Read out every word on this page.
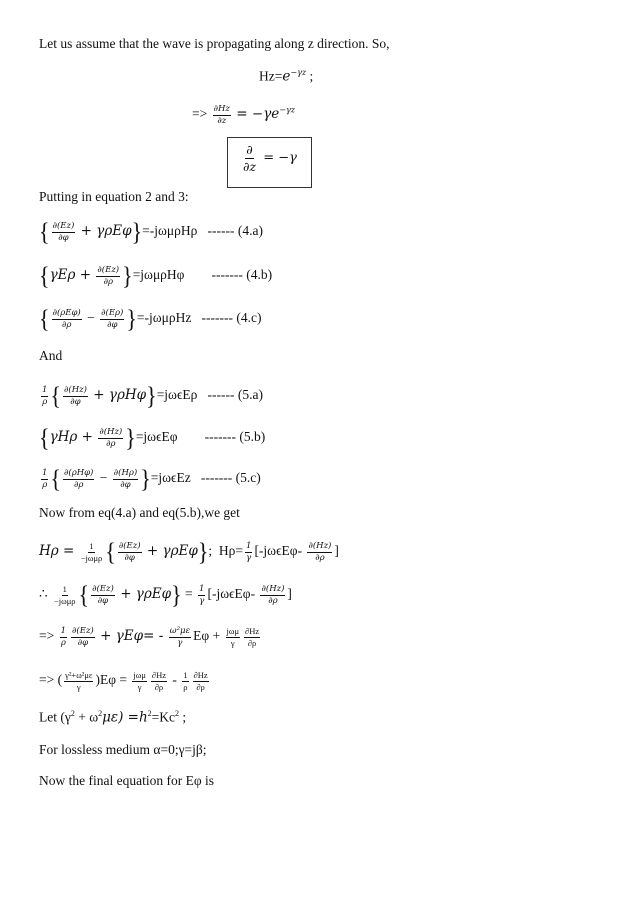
Let us assume that the wave is propagating along z direction. So,
$Hz=e^{-\gamma z}$ ;
=> $\frac{\partial Hz}{\partial z} = -\gamma e^{-\gamma z}$
$\frac{\partial}{\partial z} = -\gamma$
Putting in equation 2 and 3:
{ $\frac{\partial(Ez)}{\partial\varphi} + \gamma\rho E\varphi\}=-j\omega\mu\rho H\rho$ ------ (4.a)
$\{\gamma E\rho + \frac{\partial(Ez)}{\partial\rho} \}=j\omega\mu\rho H\varphi$ ------- (4.b)
{ $\frac{\text{∂(ρEφ)}}{\partial\rho} - \frac{\partial(E\rho)}{\partial\varphi} \}=-j\omega\mu\rho Hz$ ------- (4.c)
And
$\frac{1}{\rho}$ { $\frac{\partial(Hz)}{\partial\varphi} + \gamma\rho H\varphi\}=j\omega\epsilon E\rho$ ------ (5.a)
$\{\gamma H\rho + \frac{\partial(Hz)}{\partial\rho} \}=j\omega\epsilon E\varphi$ ------- (5.b)
$\frac{1}{\rho}$ { $\frac{\text{∂(ρHφ)}}{\partial\rho} - \frac{\partial(H\rho)}{\partial\varphi} \}=j\omega\epsilon Ez$ ------- (5.c)
Now from eq(4.a) and eq(5.b),we get
$H\rho = \frac{1}{\text{−jωμρ}}$ { $\frac{\partial(Ez)}{\partial\varphi} + \gamma\rho E\varphi$}; $H\rho= \frac{1}{\gamma} [-j\omega\epsilon E\varphi- \frac{\partial(Hz)}{\partial\rho}$ ]
∴ $\frac{1}{\text{−jωμρ}}$ { $\frac{\partial(Ez)}{\partial\varphi} + \gamma\rho E\varphi\} = \frac{1}{\gamma} [-j\omega\epsilon E\varphi- \frac{\partial(Hz)}{\partial\rho}$ ]
=> $\frac{1}{\rho} \frac{\partial(Ez)}{\partial\varphi} + \gamma E\varphi= - \frac{\text{ω²με}}{\gamma}$ $E\varphi + \frac{\text{jωμ}}{\gamma} \frac{\partial Hz}{\partial\rho}$
=> ( $\frac{\text{γ²+ω²με}}{\gamma} )E\varphi = \frac{\text{jωμ}}{\gamma} \frac{\partial Hz}{\partial\rho} - \frac{1}{\rho} \frac{\partial Hz}{\partial\rho}$
Let $(\gamma^2 + \omega^2\mu\varepsilon) =h^2=Kc^2$ ;
For lossless medium α=0;γ=jβ;
Now the final equation for Eφ is
